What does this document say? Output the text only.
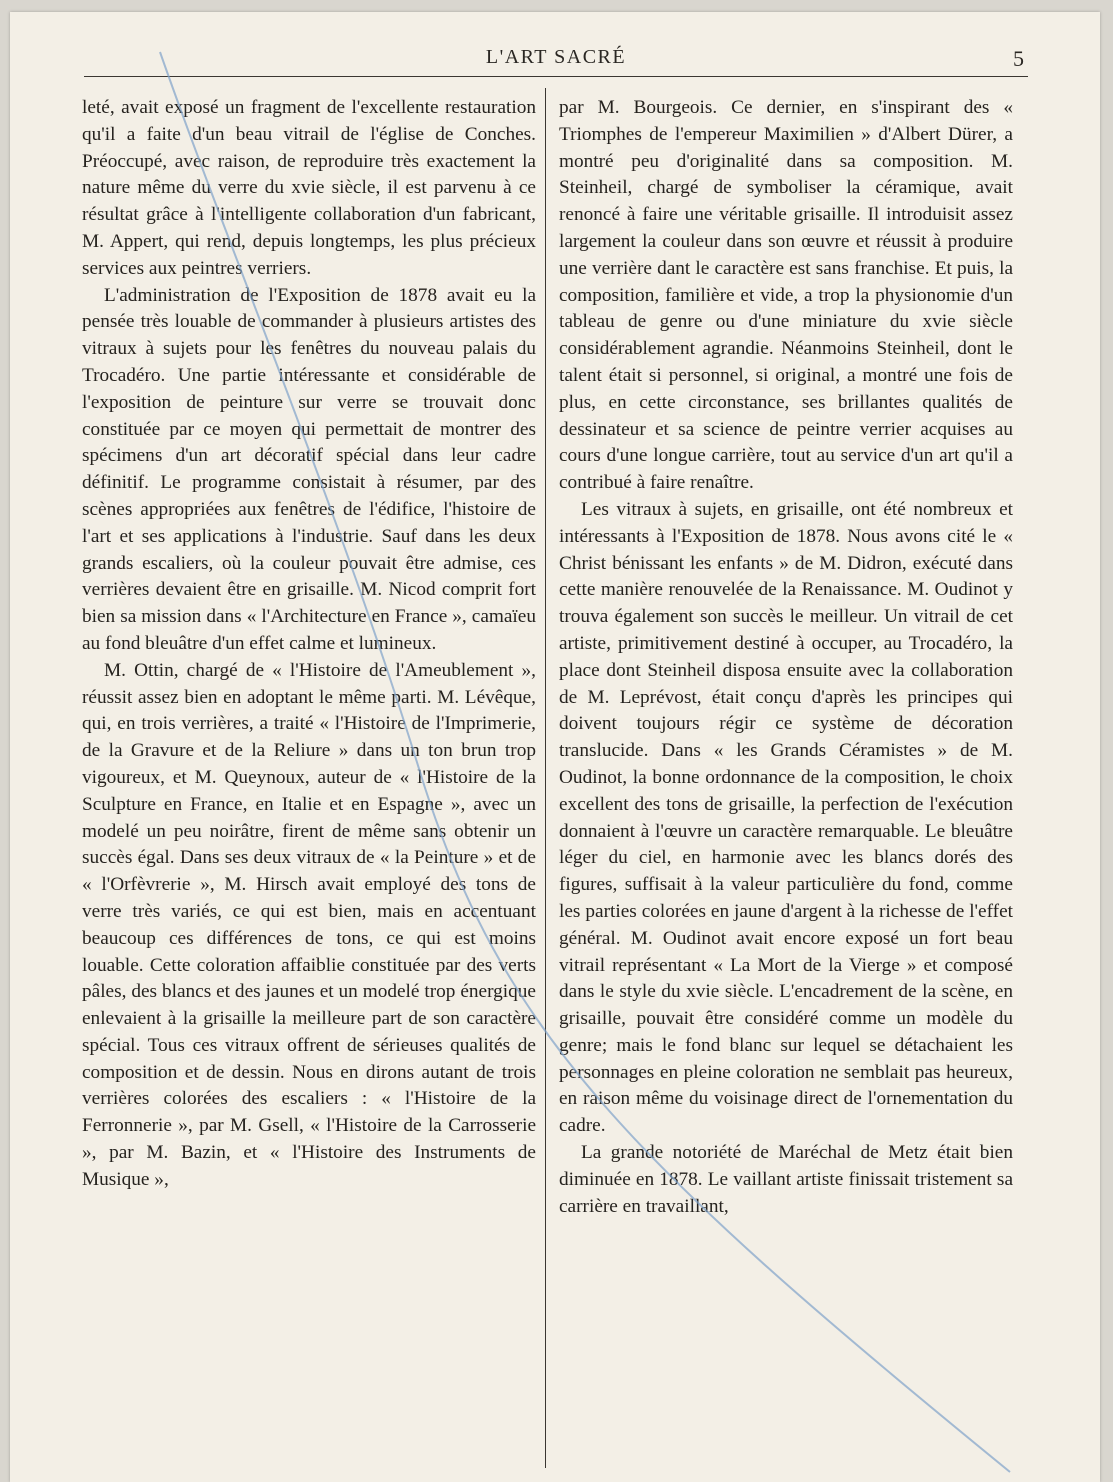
L'ART SACRÉ	5

leté, avait exposé un fragment de l'excellente restauration qu'il a faite d'un beau vitrail de l'église de Conches. Préoccupé, avec raison, de reproduire très exactement la nature même du verre du xvie siècle, il est parvenu à ce résultat grâce à l'intelligente collaboration d'un fabricant, M. Appert, qui rend, depuis longtemps, les plus précieux services aux peintres verriers.

L'administration de l'Exposition de 1878 avait eu la pensée très louable de commander à plusieurs artistes des vitraux à sujets pour les fenêtres du nouveau palais du Trocadéro. Une partie intéressante et considérable de l'exposition de peinture sur verre se trouvait donc constituée par ce moyen qui permettait de montrer des spécimens d'un art décoratif spécial dans leur cadre définitif. Le programme consistait à résumer, par des scènes appropriées aux fenêtres de l'édifice, l'histoire de l'art et ses applications à l'industrie. Sauf dans les deux grands escaliers, où la couleur pouvait être admise, ces verrières devaient être en grisaille. M. Nicod comprit fort bien sa mission dans « l'Architecture en France », camaïeu au fond bleuâtre d'un effet calme et lumineux.

M. Ottin, chargé de « l'Histoire de l'Ameublement », réussit assez bien en adoptant le même parti. M. Lévêque, qui, en trois verrières, a traité « l'Histoire de l'Imprimerie, de la Gravure et de la Reliure » dans un ton brun trop vigoureux, et M. Queynoux, auteur de « l'Histoire de la Sculpture en France, en Italie et en Espagne », avec un modelé un peu noirâtre, firent de même sans obtenir un succès égal. Dans ses deux vitraux de « la Peinture » et de « l'Orfèvrerie », M. Hirsch avait employé des tons de verre très variés, ce qui est bien, mais en accentuant beaucoup ces différences de tons, ce qui est moins louable. Cette coloration affaiblie constituée par des verts pâles, des blancs et des jaunes et un modelé trop énergique enlevaient à la grisaille la meilleure part de son caractère spécial. Tous ces vitraux offrent de sérieuses qualités de composition et de dessin. Nous en dirons autant de trois verrières colorées des escaliers : « l'Histoire de la Ferronnerie », par M. Gsell, « l'Histoire de la Carrosserie », par M. Bazin, et « l'Histoire des Instruments de Musique »,

par M. Bourgeois. Ce dernier, en s'inspirant des « Triomphes de l'empereur Maximilien » d'Albert Dürer, a montré peu d'originalité dans sa composition. M. Steinheil, chargé de symboliser la céramique, avait renoncé à faire une véritable grisaille. Il introduisit assez largement la couleur dans son œuvre et réussit à produire une verrière dant le caractère est sans franchise. Et puis, la composition, familière et vide, a trop la physionomie d'un tableau de genre ou d'une miniature du xvie siècle considérablement agrandie. Néanmoins Steinheil, dont le talent était si personnel, si original, a montré une fois de plus, en cette circonstance, ses brillantes qualités de dessinateur et sa science de peintre verrier acquises au cours d'une longue carrière, tout au service d'un art qu'il a contribué à faire renaître.

Les vitraux à sujets, en grisaille, ont été nombreux et intéressants à l'Exposition de 1878. Nous avons cité le « Christ bénissant les enfants » de M. Didron, exécuté dans cette manière renouvelée de la Renaissance. M. Oudinot y trouva également son succès le meilleur. Un vitrail de cet artiste, primitivement destiné à occuper, au Trocadéro, la place dont Steinheil disposa ensuite avec la collaboration de M. Leprévost, était conçu d'après les principes qui doivent toujours régir ce système de décoration translucide. Dans « les Grands Céramistes » de M. Oudinot, la bonne ordonnance de la composition, le choix excellent des tons de grisaille, la perfection de l'exécution donnaient à l'œuvre un caractère remarquable. Le bleuâtre léger du ciel, en harmonie avec les blancs dorés des figures, suffisait à la valeur particulière du fond, comme les parties colorées en jaune d'argent à la richesse de l'effet général. M. Oudinot avait encore exposé un fort beau vitrail représentant « La Mort de la Vierge » et composé dans le style du xvie siècle. L'encadrement de la scène, en grisaille, pouvait être considéré comme un modèle du genre; mais le fond blanc sur lequel se détachaient les personnages en pleine coloration ne semblait pas heureux, en raison même du voisinage direct de l'ornementation du cadre.

La grande notoriété de Maréchal de Metz était bien diminuée en 1878. Le vaillant artiste finissait tristement sa carrière en travaillant,
